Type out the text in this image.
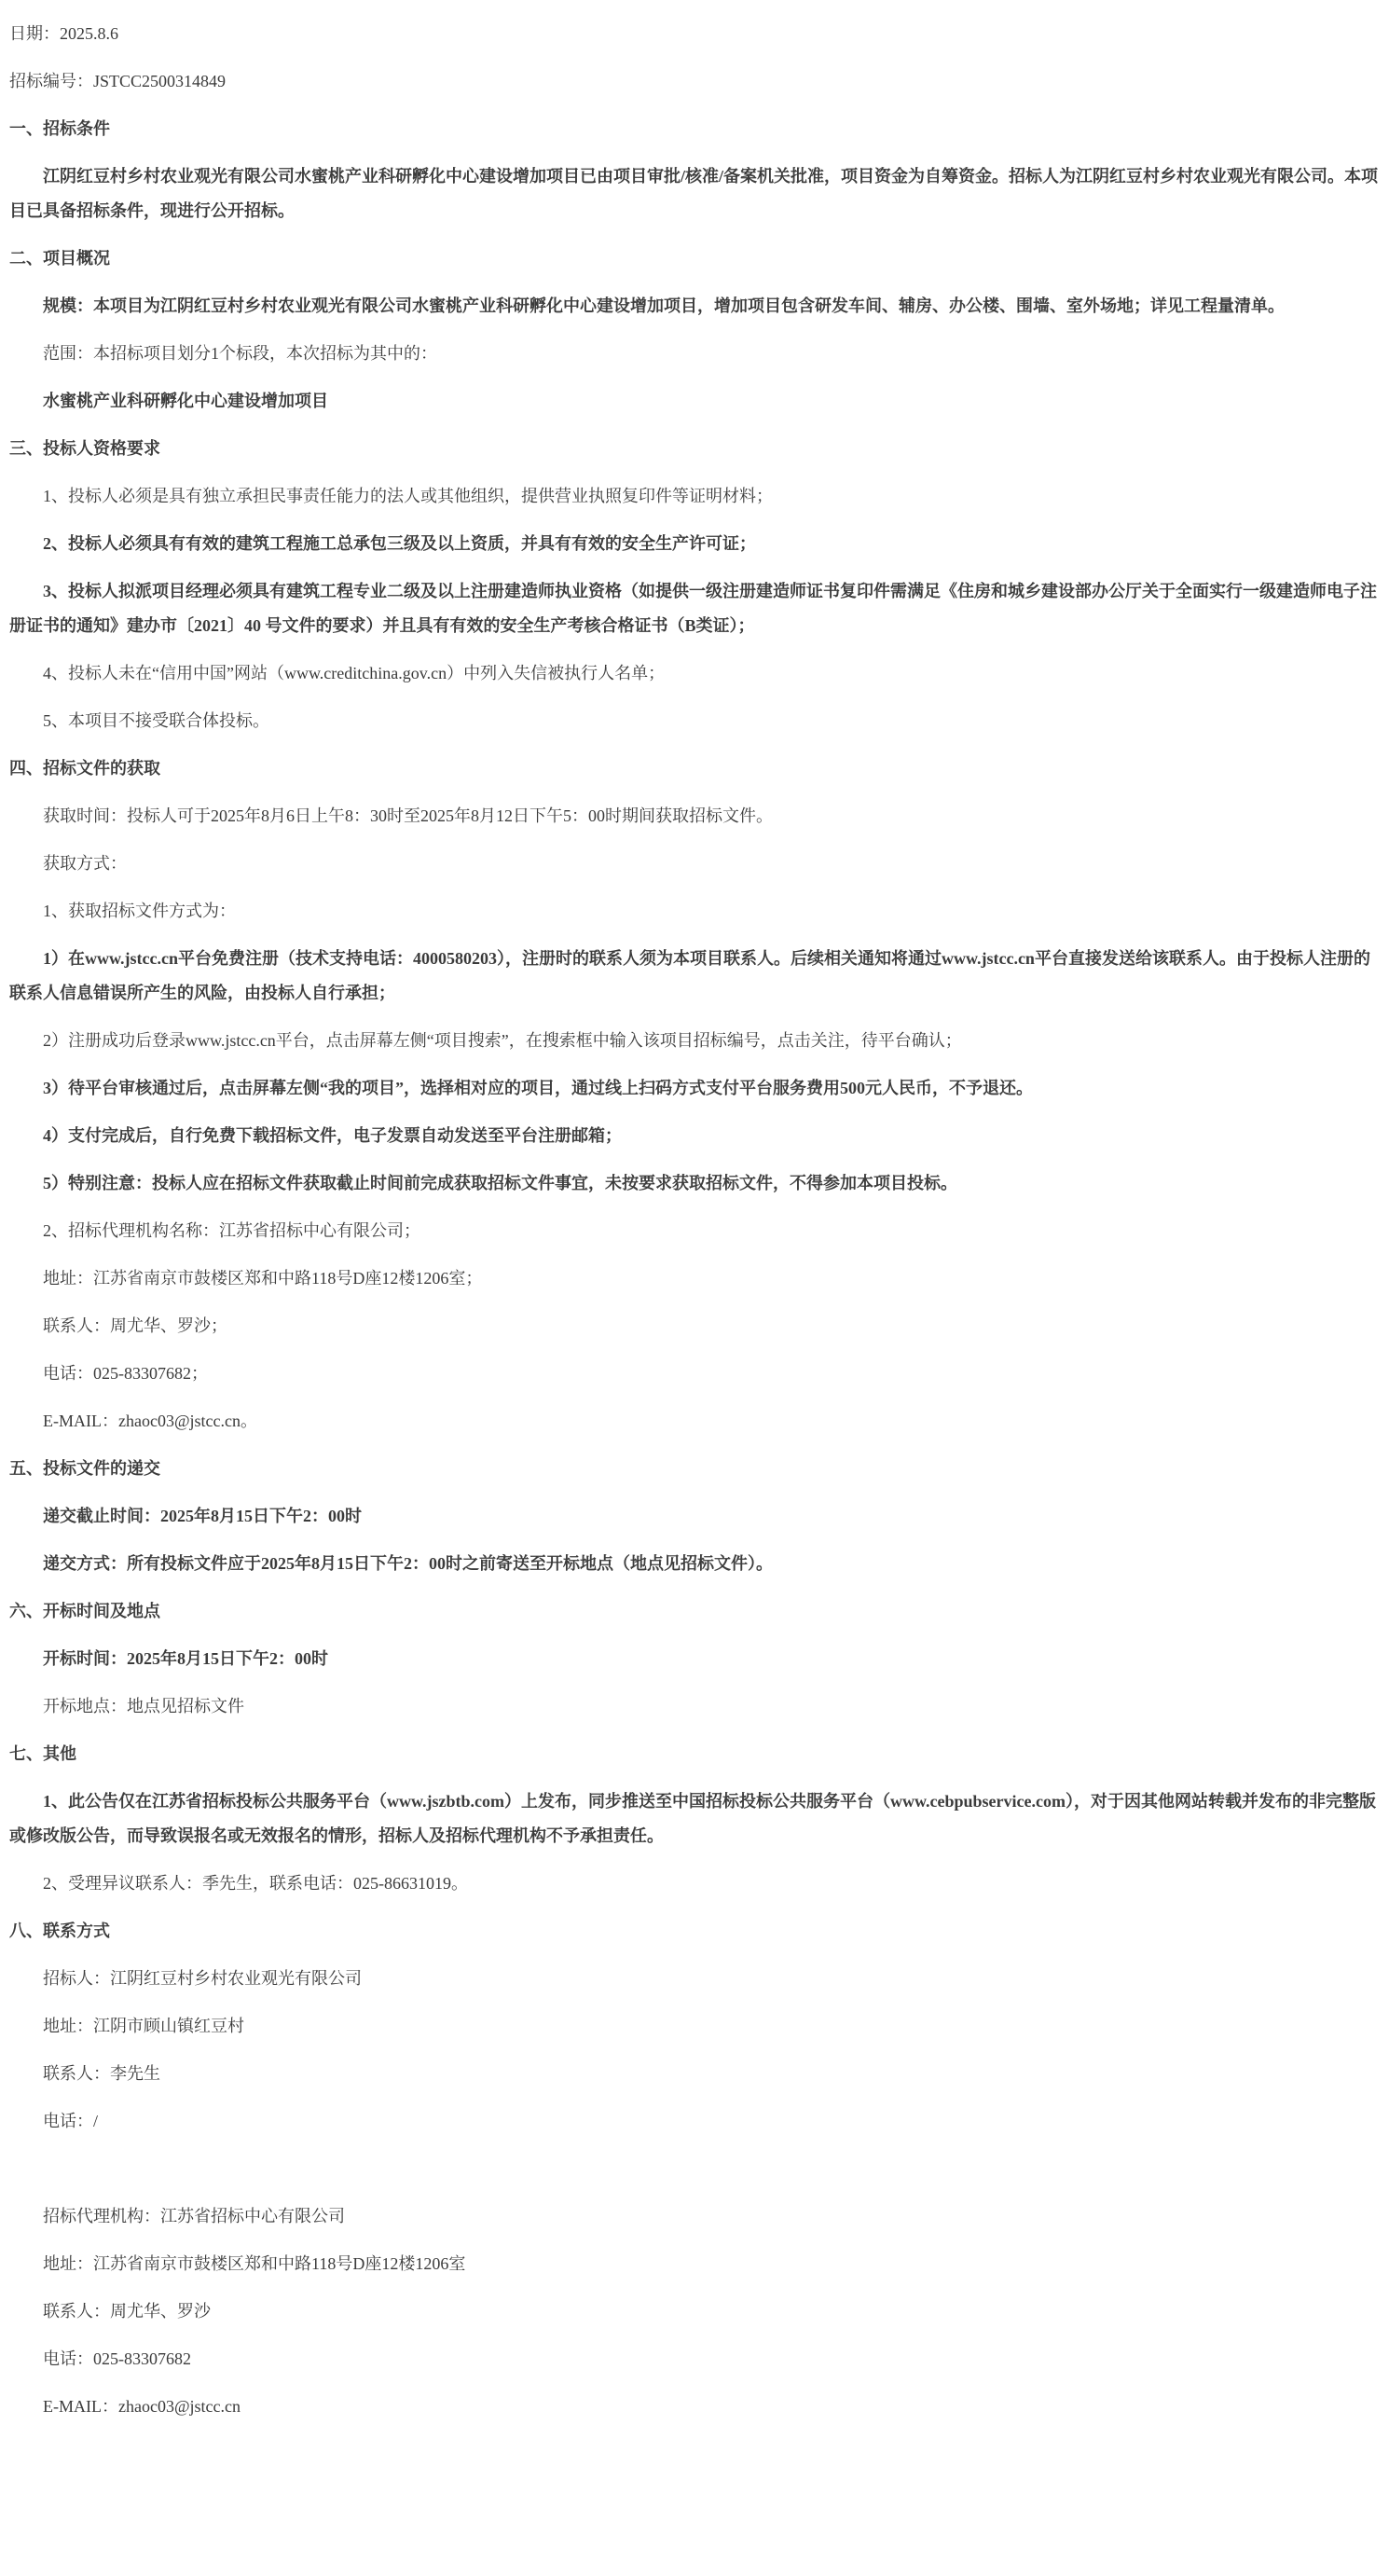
日期：2025.8.6

招标编号：JSTCC2500314849

一、招标条件

江阴红豆村乡村农业观光有限公司水蜜桃产业科研孵化中心建设增加项目已由项目审批/核准/备案机关批准，项目资金为自筹资金。招标人为江阴红豆村乡村农业观光有限公司。本项目已具备招标条件，现进行公开招标。

二、项目概况

规模：本项目为江阴红豆村乡村农业观光有限公司水蜜桃产业科研孵化中心建设增加项目，增加项目包含研发车间、辅房、办公楼、围墙、室外场地；详见工程量清单。

范围：本招标项目划分1个标段，本次招标为其中的：

水蜜桃产业科研孵化中心建设增加项目

三、投标人资格要求

1、投标人必须是具有独立承担民事责任能力的法人或其他组织，提供营业执照复印件等证明材料；

2、投标人必须具有有效的建筑工程施工总承包三级及以上资质，并具有有效的安全生产许可证；

3、投标人拟派项目经理必须具有建筑工程专业二级及以上注册建造师执业资格（如提供一级注册建造师证书复印件需满足《住房和城乡建设部办公厅关于全面实行一级建造师电子注册证书的通知》建办市〔2021〕40 号文件的要求）并且具有有效的安全生产考核合格证书（B类证）；

4、投标人未在“信用中国”网站（www.creditchina.gov.cn）中列入失信被执行人名单；

5、本项目不接受联合体投标。

四、招标文件的获取

获取时间：投标人可于2025年8月6日上午8：30时至2025年8月12日下午5：00时期间获取招标文件。

获取方式：

1、获取招标文件方式为：

1）在www.jstcc.cn平台免费注册（技术支持电话：4000580203），注册时的联系人须为本项目联系人。后续相关通知将通过www.jstcc.cn平台直接发送给该联系人。由于投标人注册的联系人信息错误所产生的风险，由投标人自行承担；

2）注册成功后登录www.jstcc.cn平台，点击屏幕左侧“项目搜索”，在搜索框中输入该项目招标编号，点击关注，待平台确认；

3）待平台审核通过后，点击屏幕左侧“我的项目”，选择相对应的项目，通过线上扫码方式支付平台服务费用500元人民币，不予退还。

4）支付完成后，自行免费下载招标文件，电子发票自动发送至平台注册邮箱；

5）特别注意：投标人应在招标文件获取截止时间前完成获取招标文件事宜，未按要求获取招标文件，不得参加本项目投标。

2、招标代理机构名称：江苏省招标中心有限公司；

地址：江苏省南京市鼓楼区郑和中路118号D座12楼1206室；

联系人：周尤华、罗沙；

电话：025-83307682；

E-MAIL：zhaoc03@jstcc.cn。

五、投标文件的递交

递交截止时间：2025年8月15日下午2：00时

递交方式：所有投标文件应于2025年8月15日下午2：00时之前寄送至开标地点（地点见招标文件）。

六、开标时间及地点

开标时间：2025年8月15日下午2：00时

开标地点：地点见招标文件

七、其他

1、此公告仅在江苏省招标投标公共服务平台（www.jszbtb.com）上发布，同步推送至中国招标投标公共服务平台（www.cebpubservice.com），对于因其他网站转载并发布的非完整版或修改版公告，而导致误报名或无效报名的情形，招标人及招标代理机构不予承担责任。

2、受理异议联系人：季先生，联系电话：025-86631019。

八、联系方式

招标人：江阴红豆村乡村农业观光有限公司

地址：江阴市顾山镇红豆村

联系人：李先生

电话：/

招标代理机构：江苏省招标中心有限公司

地址：江苏省南京市鼓楼区郑和中路118号D座12楼1206室

联系人：周尤华、罗沙

电话：025-83307682

E-MAIL：zhaoc03@jstcc.cn
